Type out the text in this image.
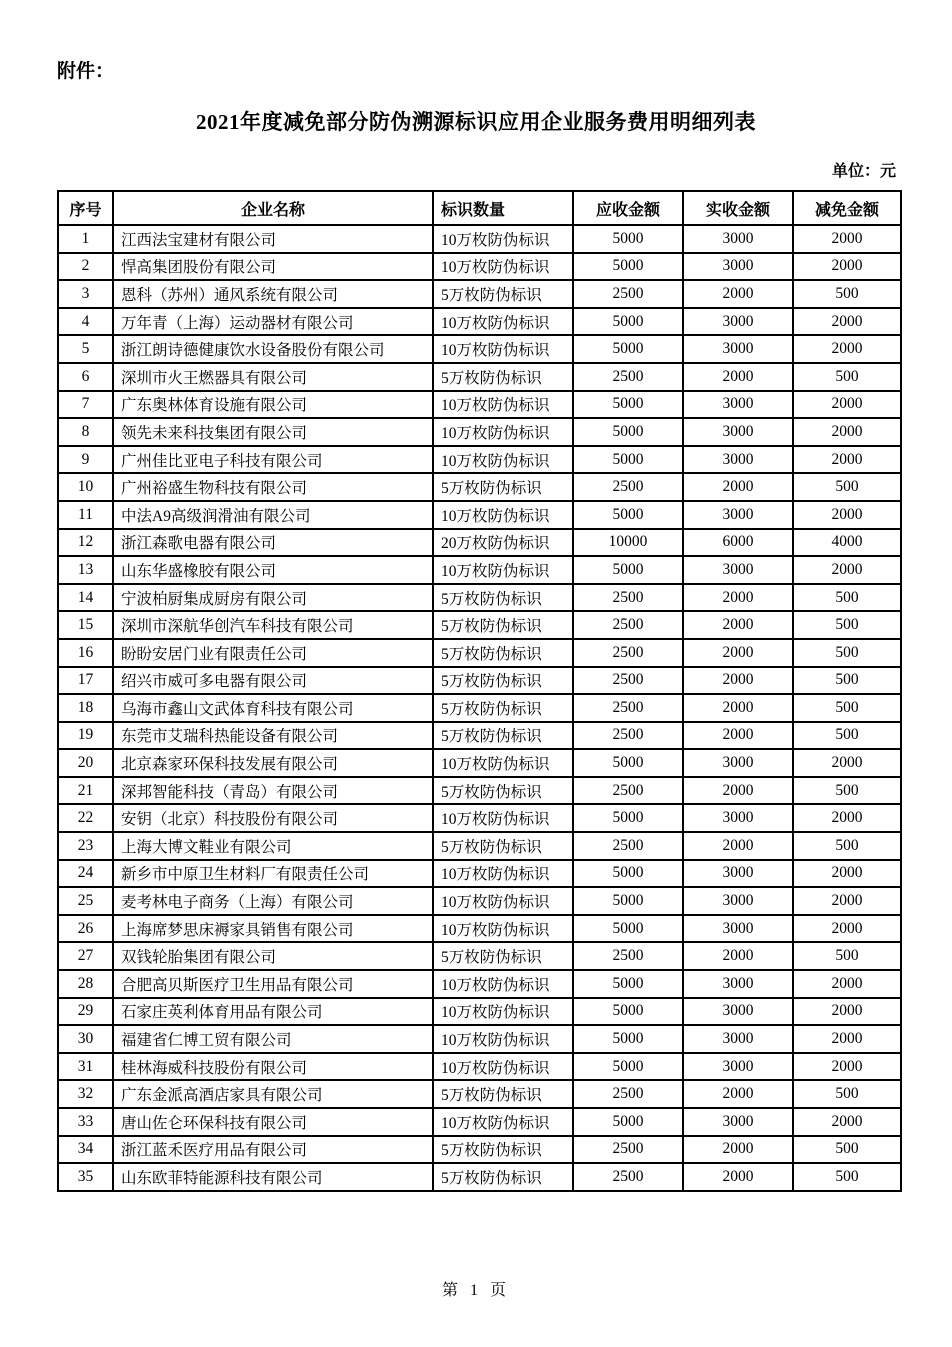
附件：
2021年度减免部分防伪溯源标识应用企业服务费用明细列表
单位：元
序号	企业名称	标识数量	应收金额	实收金额	减免金额
1	江西法宝建材有限公司	10万枚防伪标识	5000	3000	2000
2	悍高集团股份有限公司	10万枚防伪标识	5000	3000	2000
3	恩科（苏州）通风系统有限公司	5万枚防伪标识	2500	2000	500
4	万年青（上海）运动器材有限公司	10万枚防伪标识	5000	3000	2000
5	浙江朗诗德健康饮水设备股份有限公司	10万枚防伪标识	5000	3000	2000
6	深圳市火王燃器具有限公司	5万枚防伪标识	2500	2000	500
7	广东奥林体育设施有限公司	10万枚防伪标识	5000	3000	2000
8	领先未来科技集团有限公司	10万枚防伪标识	5000	3000	2000
9	广州佳比亚电子科技有限公司	10万枚防伪标识	5000	3000	2000
10	广州裕盛生物科技有限公司	5万枚防伪标识	2500	2000	500
11	中法A9高级润滑油有限公司	10万枚防伪标识	5000	3000	2000
12	浙江森歌电器有限公司	20万枚防伪标识	10000	6000	4000
13	山东华盛橡胶有限公司	10万枚防伪标识	5000	3000	2000
14	宁波柏厨集成厨房有限公司	5万枚防伪标识	2500	2000	500
15	深圳市深航华创汽车科技有限公司	5万枚防伪标识	2500	2000	500
16	盼盼安居门业有限责任公司	5万枚防伪标识	2500	2000	500
17	绍兴市威可多电器有限公司	5万枚防伪标识	2500	2000	500
18	乌海市鑫山文武体育科技有限公司	5万枚防伪标识	2500	2000	500
19	东莞市艾瑞科热能设备有限公司	5万枚防伪标识	2500	2000	500
20	北京森家环保科技发展有限公司	10万枚防伪标识	5000	3000	2000
21	深邦智能科技（青岛）有限公司	5万枚防伪标识	2500	2000	500
22	安钥（北京）科技股份有限公司	10万枚防伪标识	5000	3000	2000
23	上海大博文鞋业有限公司	5万枚防伪标识	2500	2000	500
24	新乡市中原卫生材料厂有限责任公司	10万枚防伪标识	5000	3000	2000
25	麦考林电子商务（上海）有限公司	10万枚防伪标识	5000	3000	2000
26	上海席梦思床褥家具销售有限公司	10万枚防伪标识	5000	3000	2000
27	双钱轮胎集团有限公司	5万枚防伪标识	2500	2000	500
28	合肥高贝斯医疗卫生用品有限公司	10万枚防伪标识	5000	3000	2000
29	石家庄英利体育用品有限公司	10万枚防伪标识	5000	3000	2000
30	福建省仁博工贸有限公司	10万枚防伪标识	5000	3000	2000
31	桂林海威科技股份有限公司	10万枚防伪标识	5000	3000	2000
32	广东金派高酒店家具有限公司	5万枚防伪标识	2500	2000	500
33	唐山佐仑环保科技有限公司	10万枚防伪标识	5000	3000	2000
34	浙江蓝禾医疗用品有限公司	5万枚防伪标识	2500	2000	500
35	山东欧菲特能源科技有限公司	5万枚防伪标识	2500	2000	500
第 1 页
